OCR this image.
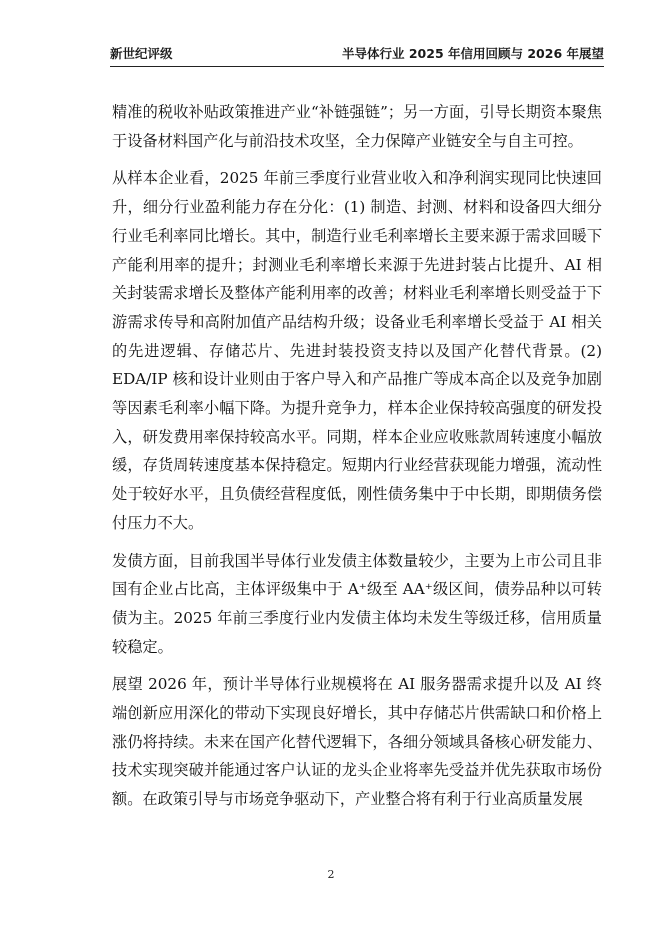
新世纪评级	半导体行业 2025 年信用回顾与 2026 年展望

精准的税收补贴政策推进产业“补链强链”；另一方面，引导长期资本聚焦于设备材料国产化与前沿技术攻坚，全力保障产业链安全与自主可控。

从样本企业看，2025 年前三季度行业营业收入和净利润实现同比快速回升，细分行业盈利能力存在分化：(1) 制造、封测、材料和设备四大细分行业毛利率同比增长。其中，制造行业毛利率增长主要来源于需求回暖下产能利用率的提升；封测业毛利率增长来源于先进封装占比提升、AI 相关封装需求增长及整体产能利用率的改善；材料业毛利率增长则受益于下游需求传导和高附加值产品结构升级；设备业毛利率增长受益于 AI 相关的先进逻辑、存储芯片、先进封装投资支持以及国产化替代背景。(2) EDA/IP 核和设计业则由于客户导入和产品推广等成本高企以及竞争加剧等因素毛利率小幅下降。为提升竞争力，样本企业保持较高强度的研发投入，研发费用率保持较高水平。同期，样本企业应收账款周转速度小幅放缓，存货周转速度基本保持稳定。短期内行业经营获现能力增强，流动性处于较好水平，且负债经营程度低，刚性债务集中于中长期，即期债务偿付压力不大。

发债方面，目前我国半导体行业发债主体数量较少，主要为上市公司且非国有企业占比高，主体评级集中于 A⁺级至 AA⁺级区间，债券品种以可转债为主。2025 年前三季度行业内发债主体均未发生等级迁移，信用质量较稳定。

展望 2026 年，预计半导体行业规模将在 AI 服务器需求提升以及 AI 终端创新应用深化的带动下实现良好增长，其中存储芯片供需缺口和价格上涨仍将持续。未来在国产化替代逻辑下，各细分领域具备核心研发能力、技术实现突破并能通过客户认证的龙头企业将率先受益并优先获取市场份额。在政策引导与市场竞争驱动下，产业整合将有利于行业高质量发展

2
